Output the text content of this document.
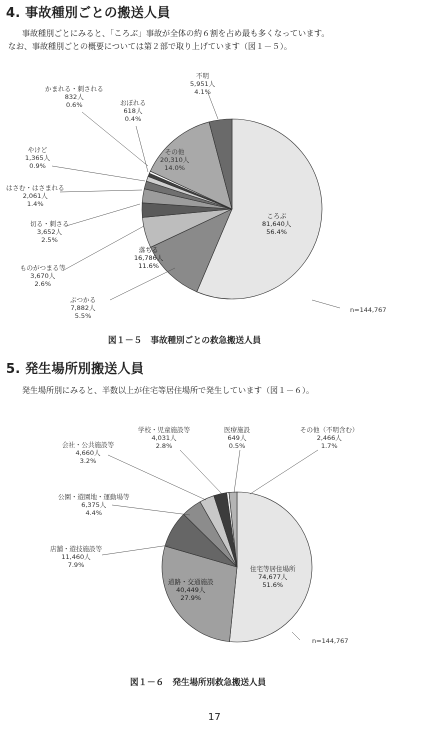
4. 事故種別ごとの搬送人員
事故種別ごとにみると、「ころぶ」事故が全体の約６割を占め最も多くなっています。
なお、事故種別ごとの概要については第２部で取り上げています（図１－５）。
不明
5,951人
4.1%
かまれる・刺される
832人
0.6%	おぼれる
618人
0.4%
その他
20,310人
14.0%
やけど
1,365人
0.9%
はさむ・はさまれる
2,061人
1.4%
切る・刺さる
3,652人
2.5%
ものがつまる等
3,670人
2.6%
ぶつかる
7,882人
5.5%
落ちる
16,786人
11.6%
ころぶ
81,640人
56.4%
n=144,767
図１－５　事故種別ごとの救急搬送人員
5. 発生場所別搬送人員
発生場所別にみると、半数以上が住宅等居住場所で発生しています（図１－６）。
学校・児童施設等
4,031人
2.8%
医療施設
649人
0.5%
その他（不明含む）
2,466人
1.7%
会社・公共施設等
4,660人
3.2%
公園・遊園地・運動場等
6,375人
4.4%
店舗・遊技施設等
11,460人
7.9%
道路・交通施設
40,449人
27.9%
住宅等居住場所
74,677人
51.6%
n=144,767
図１－６　発生場所別救急搬送人員
17
